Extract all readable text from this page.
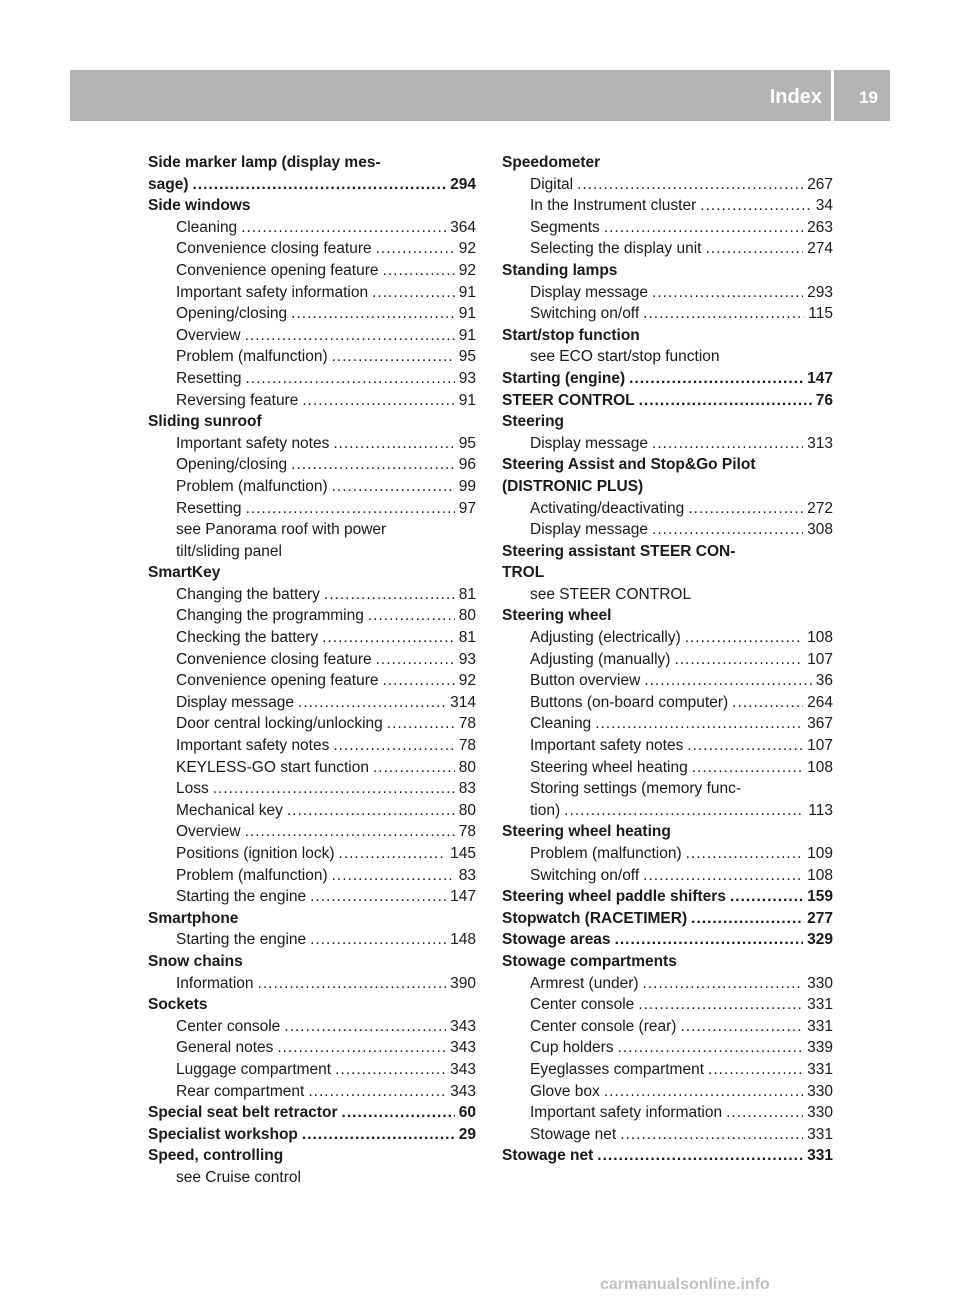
Index 19
Side marker lamp (display mes-
sage) .....	294
Side windows
Cleaning .....	364
Convenience closing feature .....	92
Convenience opening feature .....	92
Important safety information .....	91
Opening/closing .....	91
Overview .....	91
Problem (malfunction) .....	95
Resetting .....	93
Reversing feature .....	91
Sliding sunroof
Important safety notes .....	95
Opening/closing .....	96
Problem (malfunction) .....	99
Resetting .....	97
see Panorama roof with power
tilt/sliding panel
SmartKey
Changing the battery .....	81
Changing the programming .....	80
Checking the battery .....	81
Convenience closing feature .....	93
Convenience opening feature .....	92
Display message .....	314
Door central locking/unlocking .....	78
Important safety notes .....	78
KEYLESS-GO start function .....	80
Loss .....	83
Mechanical key .....	80
Overview .....	78
Positions (ignition lock) .....	145
Problem (malfunction) .....	83
Starting the engine .....	147
Smartphone
Starting the engine .....	148
Snow chains
Information .....	390
Sockets
Center console .....	343
General notes .....	343
Luggage compartment .....	343
Rear compartment .....	343
Special seat belt retractor .....	60
Specialist workshop .....	29
Speed, controlling
see Cruise control
Speedometer
Digital .....	267
In the Instrument cluster .....	34
Segments .....	263
Selecting the display unit .....	274
Standing lamps
Display message .....	293
Switching on/off .....	115
Start/stop function
see ECO start/stop function
Starting (engine) .....	147
STEER CONTROL .....	76
Steering
Display message .....	313
Steering Assist and Stop&Go Pilot
(DISTRONIC PLUS)
Activating/deactivating .....	272
Display message .....	308
Steering assistant STEER CON-
TROL
see STEER CONTROL
Steering wheel
Adjusting (electrically) .....	108
Adjusting (manually) .....	107
Button overview .....	36
Buttons (on-board computer) .....	264
Cleaning .....	367
Important safety notes .....	107
Steering wheel heating .....	108
Storing settings (memory func-
tion) .....	113
Steering wheel heating
Problem (malfunction) .....	109
Switching on/off .....	108
Steering wheel paddle shifters .....	159
Stopwatch (RACETIMER) .....	277
Stowage areas .....	329
Stowage compartments
Armrest (under) .....	330
Center console .....	331
Center console (rear) .....	331
Cup holders .....	339
Eyeglasses compartment .....	331
Glove box .....	330
Important safety information .....	330
Stowage net .....	331
Stowage net .....	331
carmanualsonline.info
